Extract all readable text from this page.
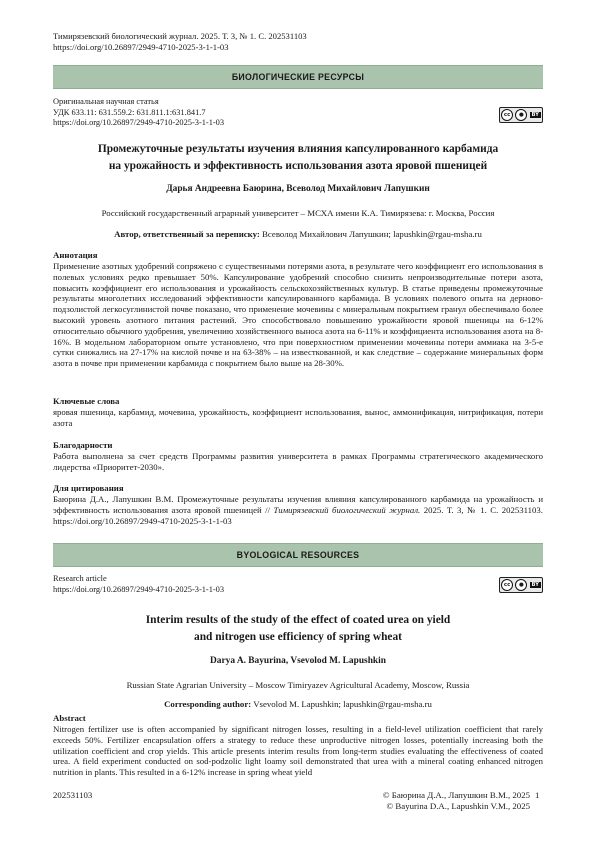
Тимирязевский биологический журнал. 2025. Т. 3, № 1. С. 202531103
https://doi.org/10.26897/2949-4710-2025-3-1-1-03
БИОЛОГИЧЕСКИЕ РЕСУРСЫ
Оригинальная научная статья
УДК 633.11: 631.559.2: 631.811.1:631.841.7
https://doi.org/10.26897/2949-4710-2025-3-1-1-03
cc	●	BY
Промежуточные результаты изучения влияния капсулированного карбамида
на урожайность и эффективность использования азота яровой пшеницей
Дарья Андреевна Баюрина, Всеволод Михайлович Лапушкин
Российский государственный аграрный университет – МСХА имени К.А. Тимирязева: г. Москва, Россия
Автор, ответственный за переписку: Всеволод Михайлович Лапушкин; lapushkin@rgau-msha.ru
Аннотация
Применение азотных удобрений сопряжено с существенными потерями азота, в результате чего коэффициент его использования в полевых условиях редко превышает 50%. Капсулирование удобрений способно снизить непроизводительные потери азота, повысить коэффициент его использования и урожайность сельскохозяйственных культур. В статье приведены промежуточные результаты многолетних исследований эффективности капсулированного карбамида. В условиях полевого опыта на дерново-подзолистой легкосуглинистой почве показано, что применение мочевины с минеральным покрытием гранул обеспечивало более высокий уровень азотного питания растений. Это способствовало повышению урожайности яровой пшеницы на 6-12% относительно обычного удобрения, увеличению хозяйственного выноса азота на 6-11% и коэффициента использования азота на 8-16%. В модельном лабораторном опыте установлено, что при поверхностном применении мочевины потери аммиака на 3-5-е сутки снижались на 27-17% на кислой почве и на 63-38% – на известкованной, и как следствие – содержание минеральных форм азота в почве при применении карбамида с покрытием было выше на 28-30%.
Ключевые слова
яровая пшеница, карбамид, мочевина, урожайность, коэффициент использования, вынос, аммонификация, нитрификация, потери азота
Благодарности
Работа выполнена за счет средств Программы развития университета в рамках Программы стратегического академического лидерства «Приоритет-2030».
Для цитирования
Баюрина Д.А., Лапушкин В.М. Промежуточные результаты изучения влияния капсулированного карбамида на урожайность и эффективность использования азота яровой пшеницей // Тимирязевский биологический журнал. 2025. Т. 3, № 1. С. 202531103. https://doi.org/10.26897/2949-4710-2025-3-1-1-03
BYOLOGICAL RESOURCES
Research article
https://doi.org/10.26897/2949-4710-2025-3-1-1-03	cc	●	BY
Interim results of the study of the effect of coated urea on yield
and nitrogen use efficiency of spring wheat
Darya A. Bayurina, Vsevolod M. Lapushkin
Russian State Agrarian University – Moscow Timiryazev Agricultural Academy, Moscow, Russia
Corresponding author: Vsevolod M. Lapushkin; lapushkin@rgau-msha.ru
Abstract
Nitrogen fertilizer use is often accompanied by significant nitrogen losses, resulting in a field-level utilization coefficient that rarely exceeds 50%. Fertilizer encapsulation offers a strategy to reduce these unproductive nitrogen losses, potentially increasing both the utilization coefficient and crop yields. This article presents interim results from long-term studies evaluating the effectiveness of coated urea. A field experiment conducted on sod-podzolic light loamy soil demonstrated that urea with a mineral coating enhanced nitrogen nutrition in plants. This resulted in a 6-12% increase in spring wheat yield
202531103	© Баюрина Д.А., Лапушкин В.М., 2025
© Bayurina D.A., Lapushkin V.M., 2025
1
